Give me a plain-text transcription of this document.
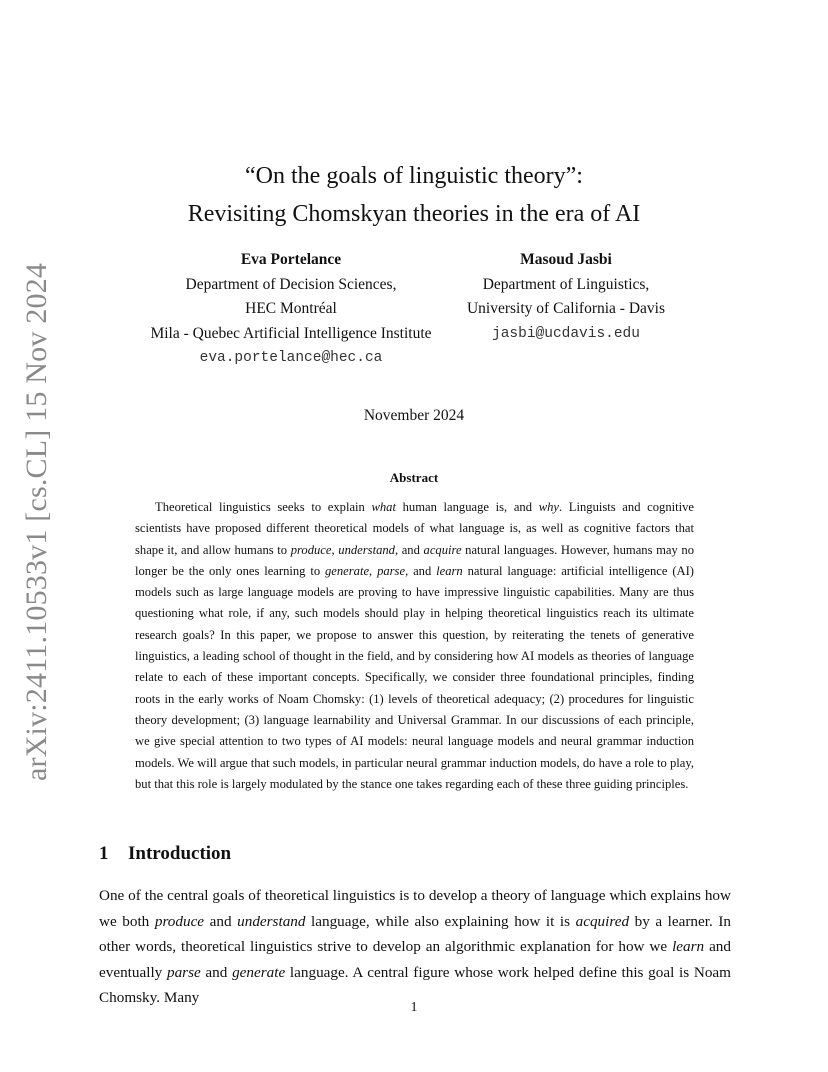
arXiv:2411.10533v1 [cs.CL] 15 Nov 2024
“On the goals of linguistic theory”:
Revisiting Chomskyan theories in the era of AI
Eva Portelance
Department of Decision Sciences,
HEC Montréal
Mila - Quebec Artificial Intelligence Institute
eva.portelance@hec.ca
Masoud Jasbi
Department of Linguistics,
University of California - Davis
jasbi@ucdavis.edu
November 2024
Abstract
Theoretical linguistics seeks to explain what human language is, and why. Linguists and cognitive scientists have proposed different theoretical models of what language is, as well as cognitive factors that shape it, and allow humans to produce, understand, and acquire natural languages. However, humans may no longer be the only ones learning to generate, parse, and learn natural language: artificial intelligence (AI) models such as large language models are proving to have impressive linguistic capabilities. Many are thus questioning what role, if any, such models should play in helping theoretical linguistics reach its ultimate research goals? In this paper, we propose to answer this question, by reiterating the tenets of generative linguistics, a leading school of thought in the field, and by considering how AI models as theories of language relate to each of these important concepts. Specifically, we consider three foundational principles, finding roots in the early works of Noam Chomsky: (1) levels of theoretical adequacy; (2) procedures for linguistic theory development; (3) language learnability and Universal Grammar. In our discussions of each principle, we give special attention to two types of AI models: neural language models and neural grammar induction models. We will argue that such models, in particular neural grammar induction models, do have a role to play, but that this role is largely modulated by the stance one takes regarding each of these three guiding principles.
1 Introduction
One of the central goals of theoretical linguistics is to develop a theory of language which explains how we both produce and understand language, while also explaining how it is acquired by a learner. In other words, theoretical linguistics strive to develop an algorithmic explanation for how we learn and eventually parse and generate language. A central figure whose work helped define this goal is Noam Chomsky. Many
1
